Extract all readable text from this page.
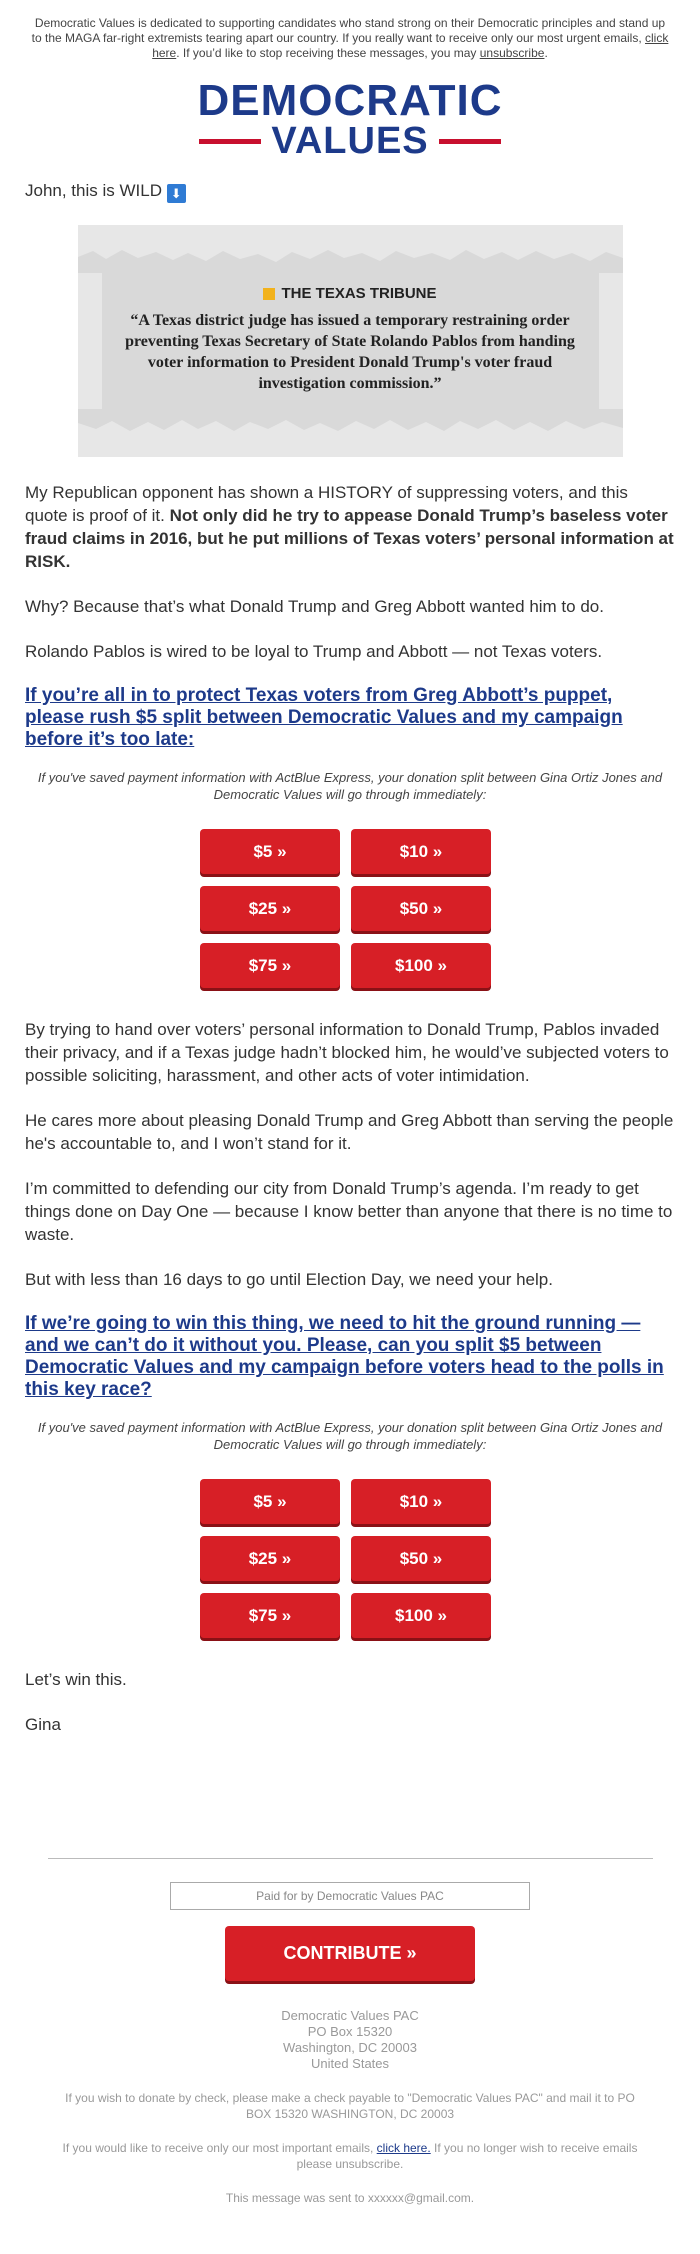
Democratic Values is dedicated to supporting candidates who stand strong on their Democratic principles and stand up to the MAGA far-right extremists tearing apart our country. If you really want to receive only our most urgent emails, click here. If you’d like to stop receiving these messages, you may unsubscribe.
DEMOCRATIC
VALUES

John, this is WILD ⬇

THE TEXAS TRIBUNE
“A Texas district judge has issued a temporary restraining order preventing Texas Secretary of State Rolando Pablos from handing voter information to President Donald Trump's voter fraud investigation commission.”

My Republican opponent has shown a HISTORY of suppressing voters, and this quote is proof of it. Not only did he try to appease Donald Trump’s baseless voter fraud claims in 2016, but he put millions of Texas voters’ personal information at RISK.

Why? Because that’s what Donald Trump and Greg Abbott wanted him to do.

Rolando Pablos is wired to be loyal to Trump and Abbott — not Texas voters.

If you’re all in to protect Texas voters from Greg Abbott’s puppet, please rush $5 split between Democratic Values and my campaign before it’s too late:

If you've saved payment information with ActBlue Express, your donation split between Gina Ortiz Jones and Democratic Values will go through immediately:

$5 »	$10 »
$25 »	$50 »
$75 »	$100 »

By trying to hand over voters’ personal information to Donald Trump, Pablos invaded their privacy, and if a Texas judge hadn’t blocked him, he would’ve subjected voters to possible soliciting, harassment, and other acts of voter intimidation.

He cares more about pleasing Donald Trump and Greg Abbott than serving the people he's accountable to, and I won’t stand for it.

I’m committed to defending our city from Donald Trump’s agenda. I’m ready to get things done on Day One — because I know better than anyone that there is no time to waste.

But with less than 16 days to go until Election Day, we need your help.

If we’re going to win this thing, we need to hit the ground running — and we can’t do it without you. Please, can you split $5 between Democratic Values and my campaign before voters head to the polls in this key race?

If you've saved payment information with ActBlue Express, your donation split between Gina Ortiz Jones and Democratic Values will go through immediately:

$5 »	$10 »
$25 »	$50 »
$75 »	$100 »

Let’s win this.

Gina

Paid for by Democratic Values PAC
CONTRIBUTE »
Democratic Values PAC
PO Box 15320
Washington, DC 20003
United States

If you wish to donate by check, please make a check payable to "Democratic Values PAC" and mail it to PO BOX 15320 WASHINGTON, DC 20003

If you would like to receive only our most important emails, click here. If you no longer wish to receive emails please unsubscribe.

This message was sent to xxxxxx@gmail.com.
